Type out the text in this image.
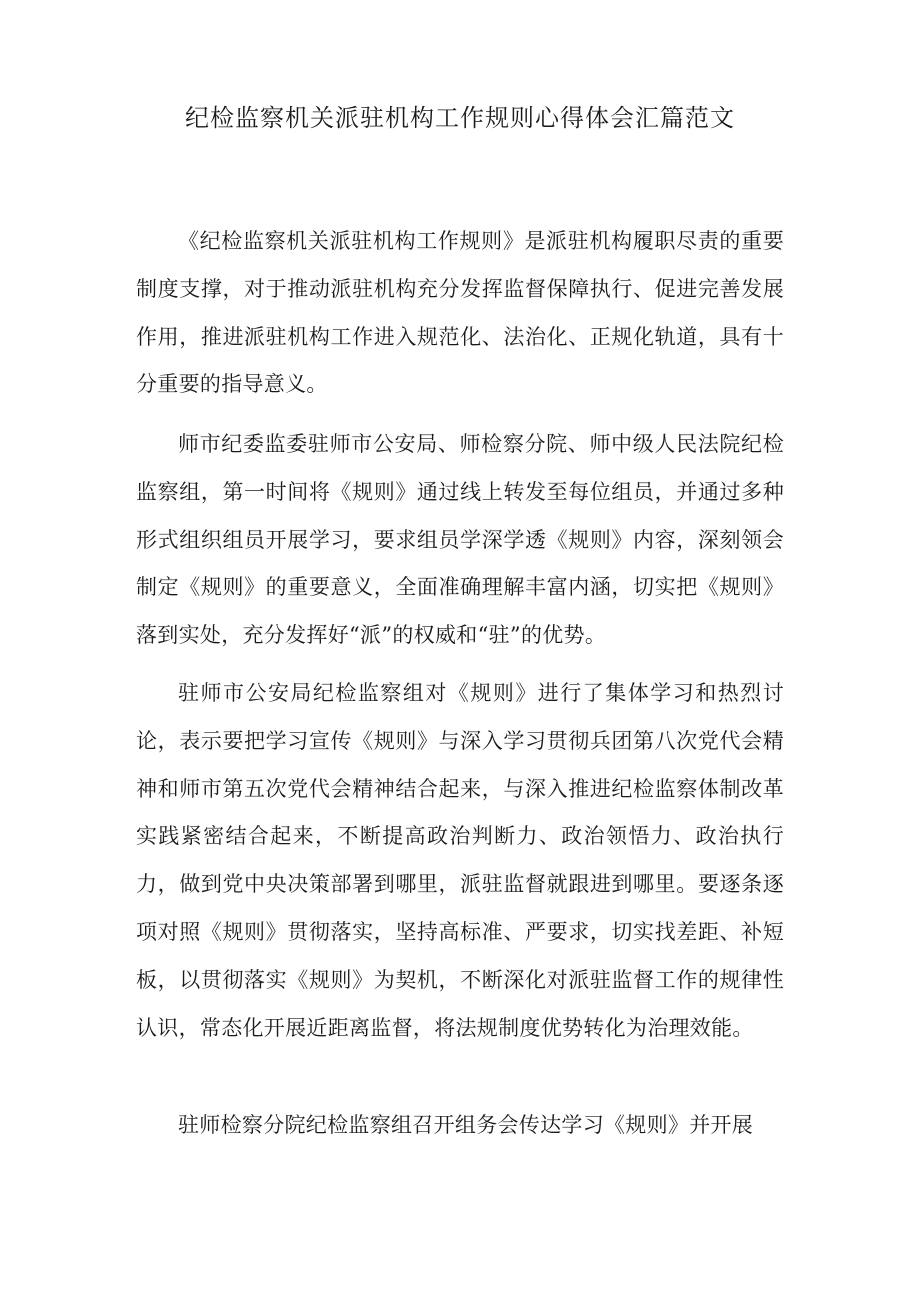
纪检监察机关派驻机构工作规则心得体会汇篇范文

《纪检监察机关派驻机构工作规则》是派驻机构履职尽责的重要制度支撑，对于推动派驻机构充分发挥监督保障执行、促进完善发展作用，推进派驻机构工作进入规范化、法治化、正规化轨道，具有十分重要的指导意义。

师市纪委监委驻师市公安局、师检察分院、师中级人民法院纪检监察组，第一时间将《规则》通过线上转发至每位组员，并通过多种形式组织组员开展学习，要求组员学深学透《规则》内容，深刻领会制定《规则》的重要意义，全面准确理解丰富内涵，切实把《规则》落到实处，充分发挥好“派”的权威和“驻”的优势。

驻师市公安局纪检监察组对《规则》进行了集体学习和热烈讨论，表示要把学习宣传《规则》与深入学习贯彻兵团第八次党代会精神和师市第五次党代会精神结合起来，与深入推进纪检监察体制改革实践紧密结合起来，不断提高政治判断力、政治领悟力、政治执行力，做到党中央决策部署到哪里，派驻监督就跟进到哪里。要逐条逐项对照《规则》贯彻落实，坚持高标准、严要求，切实找差距、补短板，以贯彻落实《规则》为契机，不断深化对派驻监督工作的规律性认识，常态化开展近距离监督，将法规制度优势转化为治理效能。

驻师检察分院纪检监察组召开组务会传达学习《规则》并开展
